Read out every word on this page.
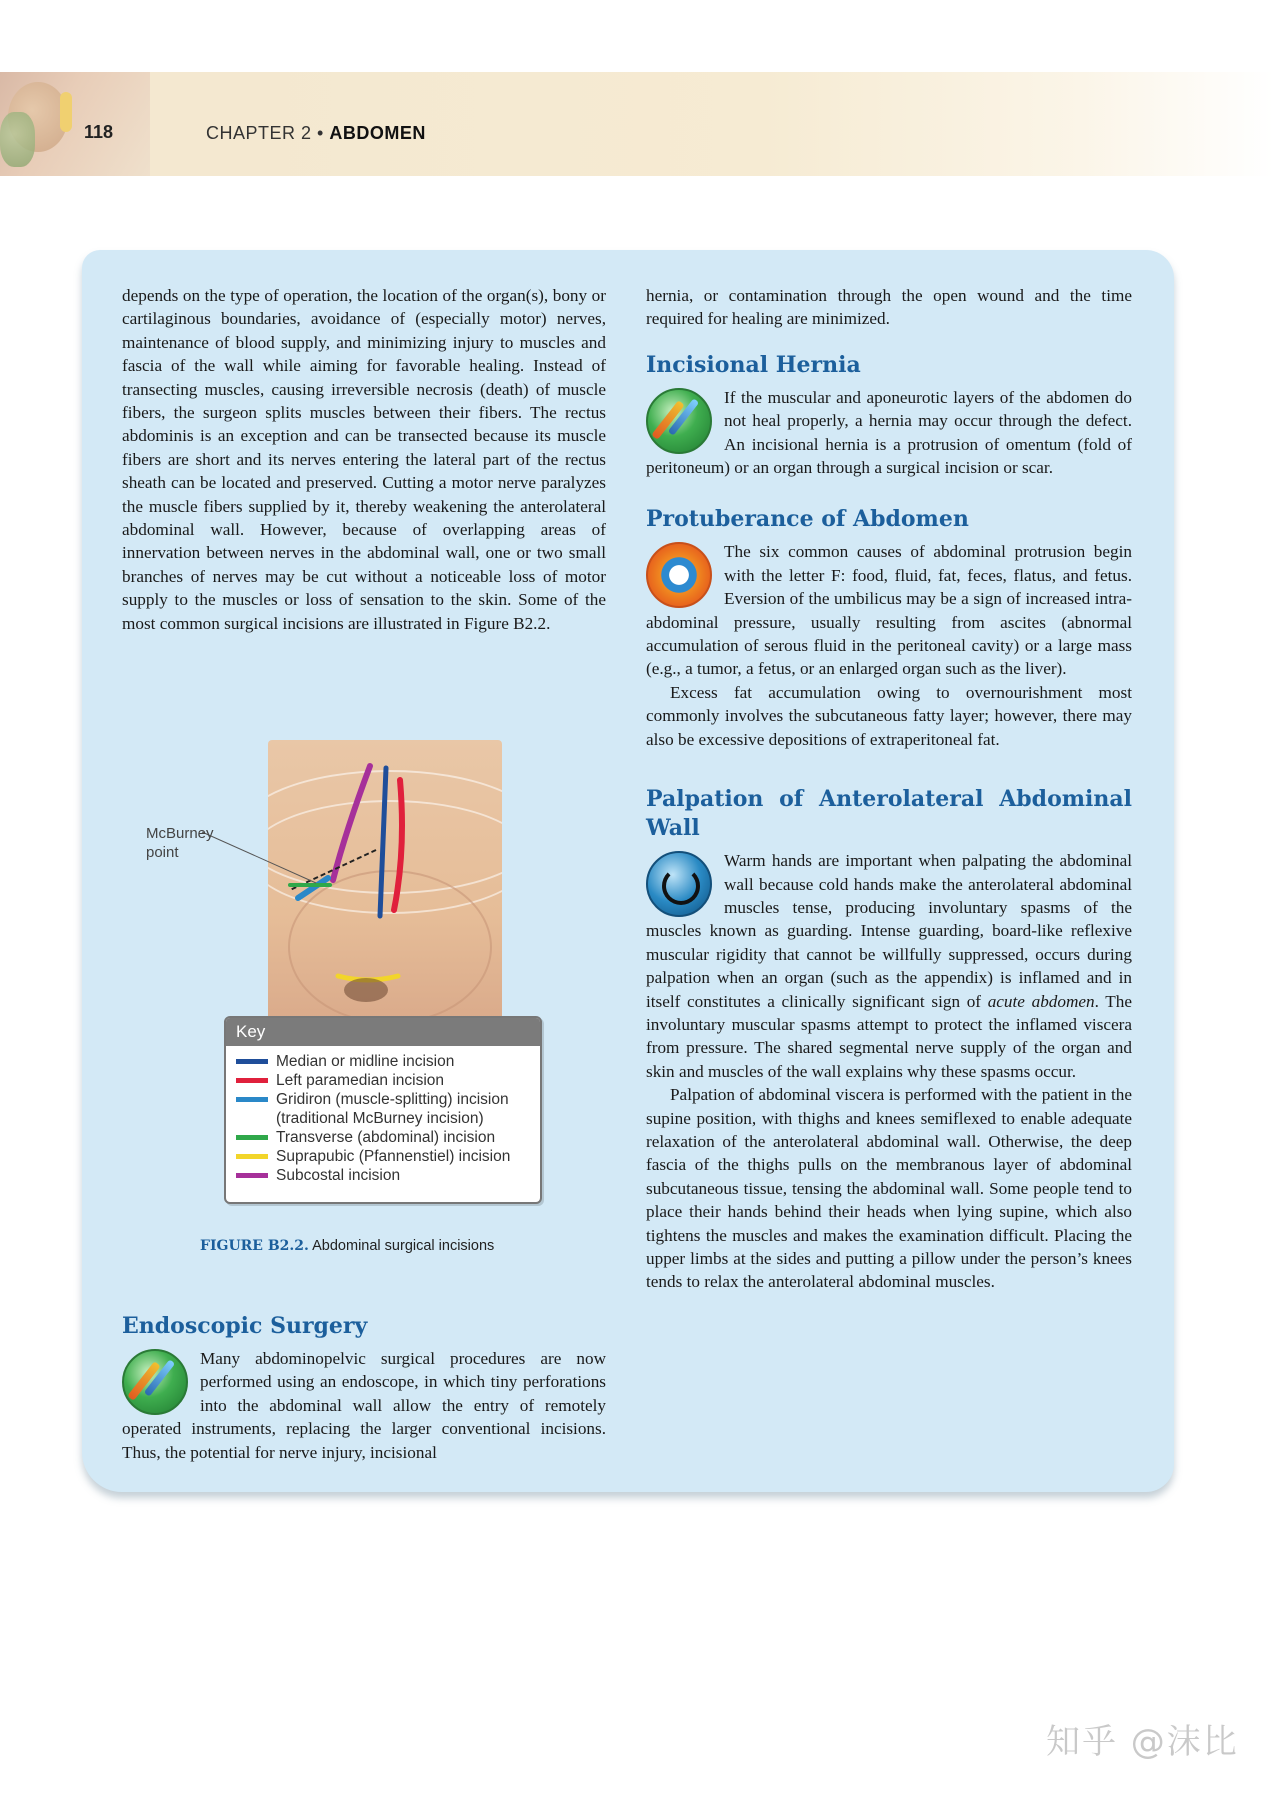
118	CHAPTER 2 • ABDOMEN

depends on the type of operation, the location of the organ(s), bony or cartilaginous boundaries, avoidance of (especially motor) nerves, maintenance of blood supply, and minimizing injury to muscles and fascia of the wall while aiming for favorable healing. Instead of transecting muscles, causing irreversible necrosis (death) of muscle fibers, the surgeon splits muscles between their fibers. The rectus abdominis is an exception and can be transected because its muscle fibers are short and its nerves entering the lateral part of the rectus sheath can be located and preserved. Cutting a motor nerve paralyzes the muscle fibers supplied by it, thereby weakening the anterolateral abdominal wall. However, because of overlapping areas of innervation between nerves in the abdominal wall, one or two small branches of nerves may be cut without a noticeable loss of motor supply to the muscles or loss of sensation to the skin. Some of the most common surgical incisions are illustrated in Figure B2.2.

McBurney point
Key
Median or midline incision
Left paramedian incision
Gridiron (muscle-splitting) incision
(traditional McBurney incision)
Transverse (abdominal) incision
Suprapubic (Pfannenstiel) incision
Subcostal incision
FIGURE B2.2. Abdominal surgical incisions
Endoscopic Surgery

Many abdominopelvic surgical procedures are now performed using an endoscope, in which tiny perforations into the abdominal wall allow the entry of remotely operated instruments, replacing the larger conventional incisions. Thus, the potential for nerve injury, incisional

hernia, or contamination through the open wound and the time required for healing are minimized.

Incisional Hernia

If the muscular and aponeurotic layers of the abdomen do not heal properly, a hernia may occur through the defect. An incisional hernia is a protrusion of omentum (fold of peritoneum) or an organ through a surgical incision or scar.

Protuberance of Abdomen

The six common causes of abdominal protrusion begin with the letter F: food, fluid, fat, feces, flatus, and fetus. Eversion of the umbilicus may be a sign of increased intra-abdominal pressure, usually resulting from ascites (abnormal accumulation of serous fluid in the peritoneal cavity) or a large mass (e.g., a tumor, a fetus, or an enlarged organ such as the liver).

Excess fat accumulation owing to overnourishment most commonly involves the subcutaneous fatty layer; however, there may also be excessive depositions of extraperitoneal fat.

Palpation of Anterolateral Abdominal Wall

Warm hands are important when palpating the abdominal wall because cold hands make the anterolateral abdominal muscles tense, producing involuntary spasms of the muscles known as guarding. Intense guarding, board-like reflexive muscular rigidity that cannot be willfully suppressed, occurs during palpation when an organ (such as the appendix) is inflamed and in itself constitutes a clinically significant sign of acute abdomen. The involuntary muscular spasms attempt to protect the inflamed viscera from pressure. The shared segmental nerve supply of the organ and skin and muscles of the wall explains why these spasms occur.

Palpation of abdominal viscera is performed with the patient in the supine position, with thighs and knees semiflexed to enable adequate relaxation of the anterolateral abdominal wall. Otherwise, the deep fascia of the thighs pulls on the membranous layer of abdominal subcutaneous tissue, tensing the abdominal wall. Some people tend to place their hands behind their heads when lying supine, which also tightens the muscles and makes the examination difficult. Placing the upper limbs at the sides and putting a pillow under the person’s knees tends to relax the anterolateral abdominal muscles.

知乎 @沫比
